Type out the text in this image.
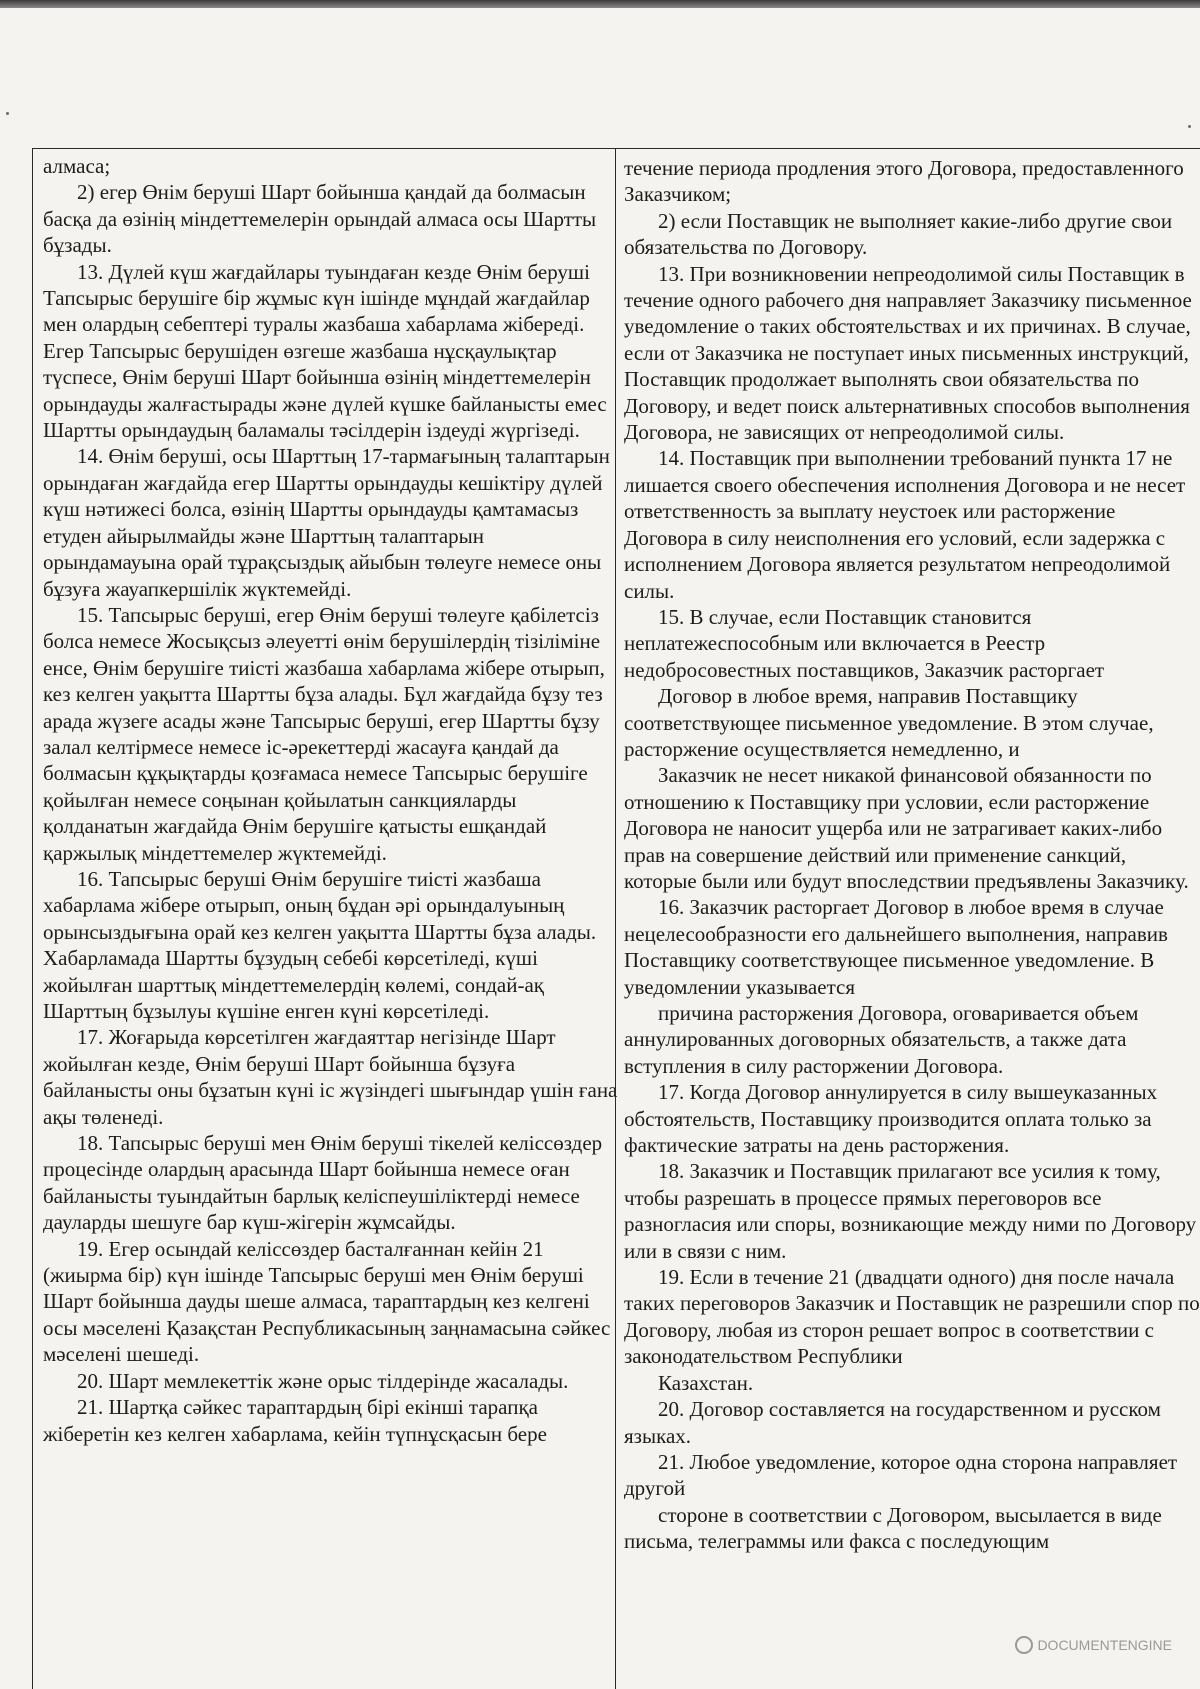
алмаса;

2) егер Өнім беруші Шарт бойынша қандай да болмасын басқа да өзінің міндеттемелерін орындай алмаса осы Шартты бұзады.

13. Дүлей күш жағдайлары туындаған кезде Өнім беруші Тапсырыс берушіге бір жұмыс күн ішінде мұндай жағдайлар мен олардың себептері туралы жазбаша хабарлама жібереді. Егер Тапсырыс берушіден өзгеше жазбаша нұсқаулықтар түспесе, Өнім беруші Шарт бойынша өзінің міндеттемелерін орындауды жалғастырады және дүлей күшке байланысты емес Шартты орындаудың баламалы тәсілдерін іздеуді жүргізеді.

14. Өнім беруші, осы Шарттың 17-тармағының талаптарын орындаған жағдайда егер Шартты орындауды кешіктіру дүлей күш нәтижесі болса, өзінің Шартты орындауды қамтамасыз етуден айырылмайды және Шарттың талаптарын орындамауына орай тұрақсыздық айыбын төлеуге немесе оны бұзуға жауапкершілік жүктемейді.

15. Тапсырыс беруші, егер Өнім беруші төлеуге қабілетсіз болса немесе Жосықсыз әлеуетті өнім берушілердің тізіліміне енсе, Өнім берушіге тиісті жазбаша хабарлама жібере отырып, кез келген уақытта Шартты бұза алады. Бұл жағдайда бұзу тез арада жүзеге асады және Тапсырыс беруші, егер Шартты бұзу залал келтірмесе немесе іс-әрекеттерді жасауға қандай да болмасын құқықтарды қозғамаса немесе Тапсырыс берушіге қойылған немесе соңынан қойылатын санкцияларды қолданатын жағдайда Өнім берушіге қатысты ешқандай қаржылық міндеттемелер жүктемейді.

16. Тапсырыс беруші Өнім берушіге тиісті жазбаша хабарлама жібере отырып, оның бұдан әрі орындалуының орынсыздығына орай кез келген уақытта Шартты бұза алады. Хабарламада Шартты бұзудың себебі көрсетіледі, күші жойылған шарттық міндеттемелердің көлемі, сондай-ақ Шарттың бұзылуы күшіне енген күні көрсетіледі.

17. Жоғарыда көрсетілген жағдаяттар негізінде Шарт жойылған кезде, Өнім беруші Шарт бойынша бұзуға байланысты оны бұзатын күні іс жүзіндегі шығындар үшін ғана ақы төленеді.

18. Тапсырыс беруші мен Өнім беруші тікелей келіссөздер процесінде олардың арасында Шарт бойынша немесе оған байланысты туындайтын барлық келіспеушіліктерді немесе дауларды шешуге бар күш-жігерін жұмсайды.

19. Егер осындай келіссөздер басталғаннан кейін 21 (жиырма бір) күн ішінде Тапсырыс беруші мен Өнім беруші Шарт бойынша дауды шеше алмаса, тараптардың кез келгені осы мәселені Қазақстан Республикасының заңнамасына сәйкес мәселені шешеді.

20. Шарт мемлекеттік және орыс тілдерінде жасалады.

21. Шартқа сәйкес тараптардың бірі екінші тарапқа жіберетін кез келген хабарлама, кейін түпнұсқасын бере

течение периода продления этого Договора, предоставленного Заказчиком;

2) если Поставщик не выполняет какие-либо другие свои обязательства по Договору.

13. При возникновении непреодолимой силы Поставщик в течение одного рабочего дня направляет Заказчику письменное уведомление о таких обстоятельствах и их причинах. В случае, если от Заказчика не поступает иных письменных инструкций, Поставщик продолжает выполнять свои обязательства по Договору, и ведет поиск альтернативных способов выполнения Договора, не зависящих от непреодолимой силы.

14. Поставщик при выполнении требований пункта 17 не лишается своего обеспечения исполнения Договора и не несет ответственность за выплату неустоек или расторжение Договора в силу неисполнения его условий, если задержка с исполнением Договора является результатом непреодолимой силы.

15. В случае, если Поставщик становится неплатежеспособным или включается в Реестр недобросовестных поставщиков, Заказчик расторгает

Договор в любое время, направив Поставщику соответствующее письменное уведомление. В этом случае, расторжение осуществляется немедленно, и

Заказчик не несет никакой финансовой обязанности по отношению к Поставщику при условии, если расторжение Договора не наносит ущерба или не затрагивает каких-либо прав на совершение действий или применение санкций, которые были или будут впоследствии предъявлены Заказчику.

16. Заказчик расторгает Договор в любое время в случае нецелесообразности его дальнейшего выполнения, направив Поставщику соответствующее письменное уведомление. В уведомлении указывается

причина расторжения Договора, оговаривается объем аннулированных договорных обязательств, а также дата вступления в силу расторжении Договора.

17. Когда Договор аннулируется в силу вышеуказанных обстоятельств, Поставщику производится оплата только за фактические затраты на день расторжения.

18. Заказчик и Поставщик прилагают все усилия к тому, чтобы разрешать в процессе прямых переговоров все разногласия или споры, возникающие между ними по Договору или в связи с ним.

19. Если в течение 21 (двадцати одного) дня после начала таких переговоров Заказчик и Поставщик не разрешили спор по Договору, любая из сторон решает вопрос в соответствии с законодательством Республики

Казахстан.

20. Договор составляется на государственном и русском языках.

21. Любое уведомление, которое одна сторона направляет другой

стороне в соответствии с Договором, высылается в виде письма, телеграммы или факса с последующим

DOCUMENTENGINE
